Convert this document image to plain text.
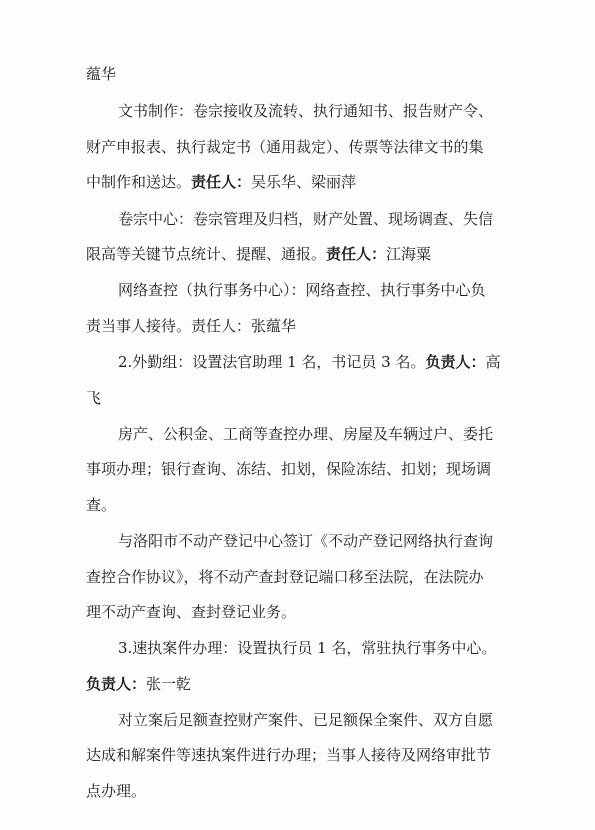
蕴华
文书制作：卷宗接收及流转、执行通知书、报告财产令、
财产申报表、执行裁定书（通用裁定）、传票等法律文书的集
中制作和送达。责任人：吴乐华、梁丽萍
卷宗中心：卷宗管理及归档，财产处置、现场调查、失信
限高等关键节点统计、提醒、通报。责任人：江海粟
网络查控（执行事务中心）：网络查控、执行事务中心负
责当事人接待。责任人：张蕴华
2.外勤组：设置法官助理 1 名，书记员 3 名。负责人：高
飞
房产、公积金、工商等查控办理、房屋及车辆过户、委托
事项办理；银行查询、冻结、扣划，保险冻结、扣划；现场调
查。
与洛阳市不动产登记中心签订《不动产登记网络执行查询
查控合作协议》，将不动产查封登记端口移至法院，在法院办
理不动产查询、查封登记业务。
3.速执案件办理：设置执行员 1 名，常驻执行事务中心。
负责人：张一乾
对立案后足额查控财产案件、已足额保全案件、双方自愿
达成和解案件等速执案件进行办理；当事人接待及网络审批节
点办理。
